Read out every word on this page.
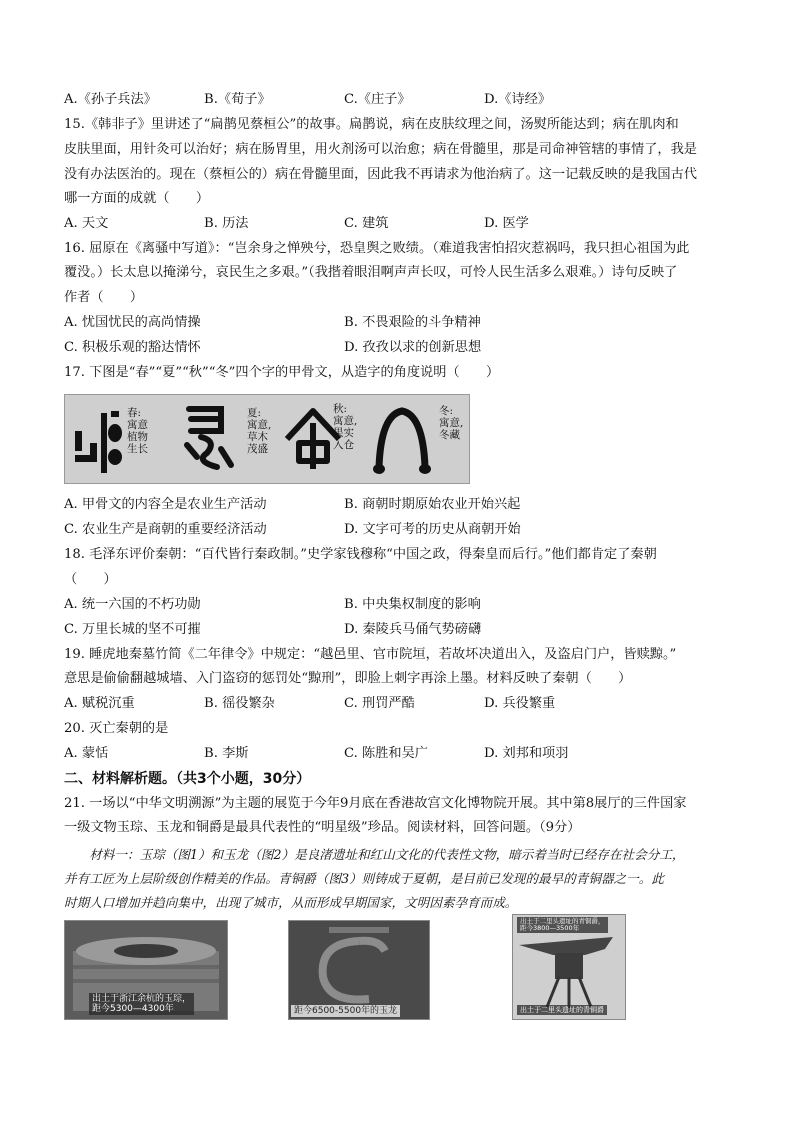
A.《孙子兵法》	B.《荀子》	C.《庄子》	D.《诗经》
15.《韩非子》里讲述了“扁鹊见蔡桓公”的故事。扁鹊说，病在皮肤纹理之间，汤熨所能达到；病在肌肉和
皮肤里面，用针灸可以治好；病在肠胃里，用火剂汤可以治愈；病在骨髓里，那是司命神管辖的事情了，我是
没有办法医治的。现在（蔡桓公的）病在骨髓里面，因此我不再请求为他治病了。这一记载反映的是我国古代
哪一方面的成就（　　）
A. 天文	B. 历法	C. 建筑	D. 医学
16. 屈原在《离骚中写道》：“岂余身之惮殃兮，恐皇舆之败绩。（难道我害怕招灾惹祸吗，我只担心祖国为此
覆没。）长太息以掩涕兮，哀民生之多艰。”（我揩着眼泪啊声声长叹，可怜人民生活多么艰难。）诗句反映了
作者（　　）
A. 忧国忧民的高尚情操	B. 不畏艰险的斗争精神
C. 积极乐观的豁达情怀	D. 孜孜以求的创新思想
17. 下图是“春”“夏”“秋”“冬”四个字的甲骨文，从造字的角度说明（　　）
春:
寓意
植物
生长
夏:
寓意,
草木
茂盛
秋:
寓意,
果实
入仓
冬:
寓意,
冬藏
A. 甲骨文的内容全是农业生产活动	B. 商朝时期原始农业开始兴起
C. 农业生产是商朝的重要经济活动	D. 文字可考的历史从商朝开始
18. 毛泽东评价秦朝：“百代皆行秦政制。”史学家钱穆称“中国之政，得秦皇而后行。”他们都肯定了秦朝
（　　）
A. 统一六国的不朽功勋	B. 中央集权制度的影响
C. 万里长城的坚不可摧	D. 秦陵兵马俑气势磅礴
19. 睡虎地秦墓竹简《二年律令》中规定：“越邑里、官市院垣，若故坏决道出入，及盗启门户，皆赎黥。”
意思是偷偷翻越城墙、入门盗窃的惩罚处“黥刑”，即脸上刺字再涂上墨。材料反映了秦朝（　　）
A. 赋税沉重	B. 徭役繁杂	C. 刑罚严酷	D. 兵役繁重
20. 灭亡秦朝的是
A. 蒙恬	B. 李斯	C. 陈胜和吴广	D. 刘邦和项羽
二、材料解析题。（共3个小题，30分）
21. 一场以“中华文明溯源”为主题的展览于今年9月底在香港故宫文化博物院开展。其中第8展厅的三件国家
一级文物玉琮、玉龙和铜爵是最具代表性的“明星级”珍品。阅读材料，回答问题。（9分）
　　材料一：玉琮（图1）和玉龙（图2）是良渚遗址和红山文化的代表性文物，暗示着当时已经存在社会分工，
并有工匠为上层阶级创作精美的作品。青铜爵（图3）则铸成于夏朝，是目前已发现的最早的青铜器之一。此
时期人口增加并趋向集中，出现了城市，从而形成早期国家，文明因素孕育而成。
出土于浙江余杭的玉琮，
距今5300—4300年	距今6500-5500年的玉龙
出土于二里头遗址的青铜爵，
距今3800—3500年
出土于二里头遗址的青铜爵
